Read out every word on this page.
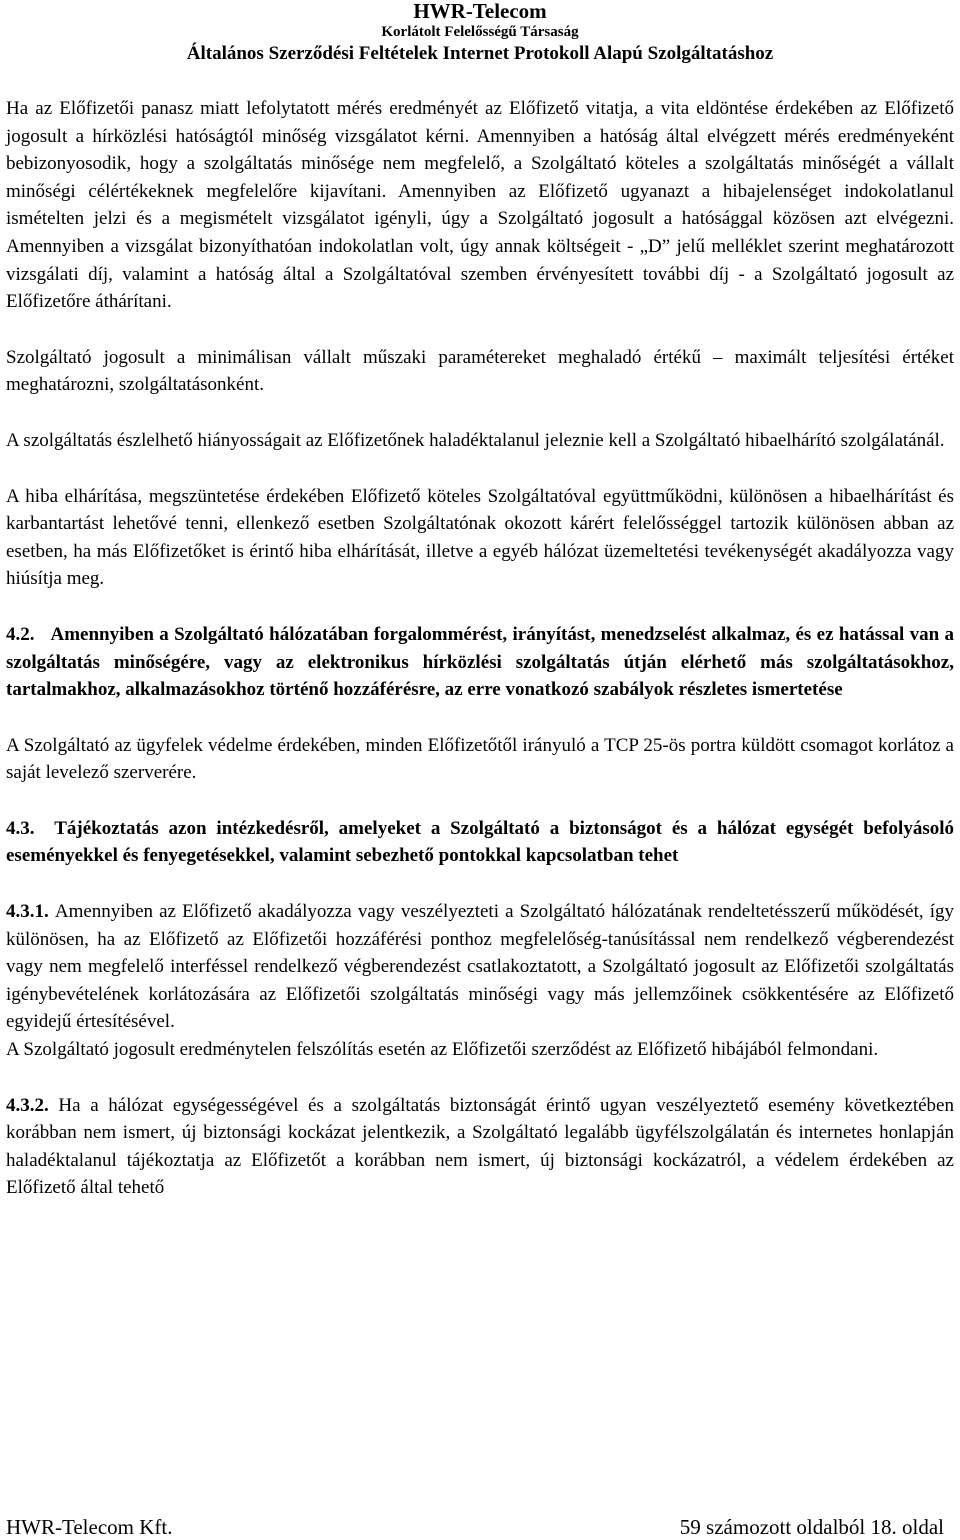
HWR-Telecom

Korlátolt Felelősségű Társaság

Általános Szerződési Feltételek Internet Protokoll Alapú Szolgáltatáshoz

Ha az Előfizetői panasz miatt lefolytatott mérés eredményét az Előfizető vitatja, a vita eldöntése érdekében az Előfizető jogosult a hírközlési hatóságtól minőség vizsgálatot kérni. Amennyiben a hatóság által elvégzett mérés eredményeként bebizonyosodik, hogy a szolgáltatás minősége nem megfelelő, a Szolgáltató köteles a szolgáltatás minőségét a vállalt minőségi célértékeknek megfelelőre kijavítani. Amennyiben az Előfizető ugyanazt a hibajelenséget indokolatlanul ismételten jelzi és a megismételt vizsgálatot igényli, úgy a Szolgáltató jogosult a hatósággal közösen azt elvégezni. Amennyiben a vizsgálat bizonyíthatóan indokolatlan volt, úgy annak költségeit - „D” jelű melléklet szerint meghatározott vizsgálati díj, valamint a hatóság által a Szolgáltatóval szemben érvényesített további díj - a Szolgáltató jogosult az Előfizetőre áthárítani.

Szolgáltató jogosult a minimálisan vállalt műszaki paramétereket meghaladó értékű – maximált teljesítési értéket meghatározni, szolgáltatásonként.

A szolgáltatás észlelhető hiányosságait az Előfizetőnek haladéktalanul jeleznie kell a Szolgáltató hibaelhárító szolgálatánál.

A hiba elhárítása, megszüntetése érdekében Előfizető köteles Szolgáltatóval együttműködni, különösen a hibaelhárítást és karbantartást lehetővé tenni, ellenkező esetben Szolgáltatónak okozott kárért felelősséggel tartozik különösen abban az esetben, ha más Előfizetőket is érintő hiba elhárítását, illetve a egyéb hálózat üzemeltetési tevékenységét akadályozza vagy hiúsítja meg.

4.2. Amennyiben a Szolgáltató hálózatában forgalommérést, irányítást, menedzselést alkalmaz, és ez hatással van a szolgáltatás minőségére, vagy az elektronikus hírközlési szolgáltatás útján elérhető más szolgáltatásokhoz, tartalmakhoz, alkalmazásokhoz történő hozzáférésre, az erre vonatkozó szabályok részletes ismertetése

A Szolgáltató az ügyfelek védelme érdekében, minden Előfizetőtől irányuló a TCP 25-ös portra küldött csomagot korlátoz a saját levelező szerverére.

4.3. Tájékoztatás azon intézkedésről, amelyeket a Szolgáltató a biztonságot és a hálózat egységét befolyásoló eseményekkel és fenyegetésekkel, valamint sebezhető pontokkal kapcsolatban tehet

4.3.1. Amennyiben az Előfizető akadályozza vagy veszélyezteti a Szolgáltató hálózatának rendeltetésszerű működését, így különösen, ha az Előfizető az Előfizetői hozzáférési ponthoz megfelelőség-tanúsítással nem rendelkező végberendezést vagy nem megfelelő interféssel rendelkező végberendezést csatlakoztatott, a Szolgáltató jogosult az Előfizetői szolgáltatás igénybevételének korlátozására az Előfizetői szolgáltatás minőségi vagy más jellemzőinek csökkentésére az Előfizető egyidejű értesítésével.

A Szolgáltató jogosult eredménytelen felszólítás esetén az Előfizetői szerződést az Előfizető hibájából felmondani.

4.3.2. Ha a hálózat egységességével és a szolgáltatás biztonságát érintő ugyan veszélyeztető esemény következtében korábban nem ismert, új biztonsági kockázat jelentkezik, a Szolgáltató legalább ügyfélszolgálatán és internetes honlapján haladéktalanul tájékoztatja az Előfizetőt a korábban nem ismert, új biztonsági kockázatról, a védelem érdekében az Előfizető által tehető

HWR-Telecom Kft.	59 számozott oldalból 18. oldal
